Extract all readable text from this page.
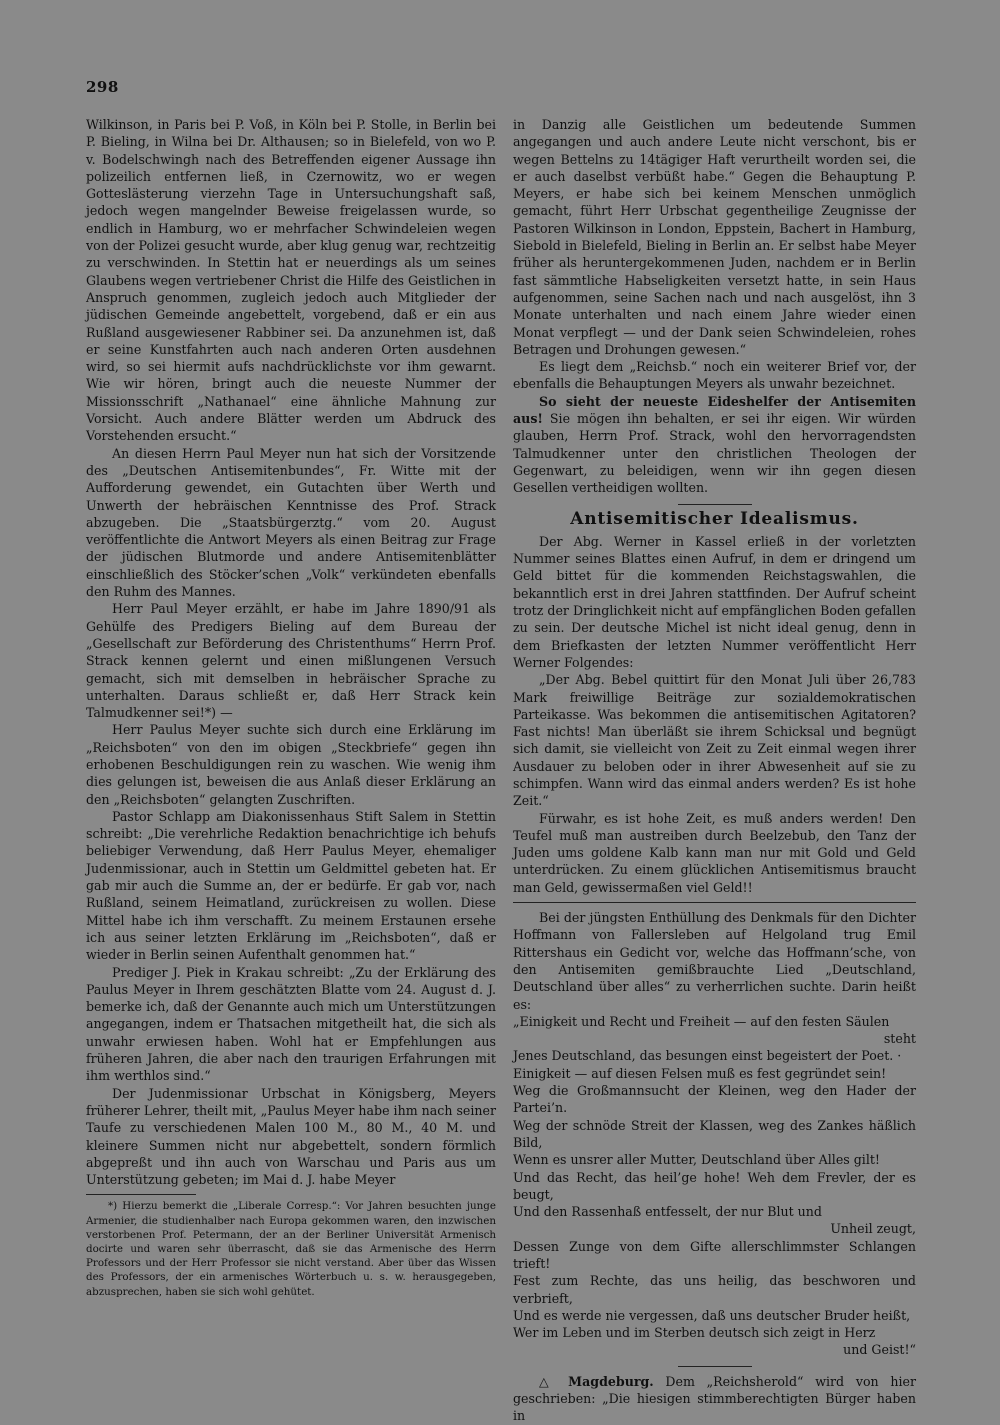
298

Wilkinson, in Paris bei P. Voß, in Köln bei P. Stolle, in Berlin bei P. Bieling, in Wilna bei Dr. Althausen; so in Bielefeld, von wo P. v. Bodelschwingh nach des Betreffenden eigener Aussage ihn polizeilich entfernen ließ, in Czernowitz, wo er wegen Gotteslästerung vierzehn Tage in Untersuchungshaft saß, jedoch wegen mangelnder Beweise freigelassen wurde, so endlich in Hamburg, wo er mehrfacher Schwindeleien wegen von der Polizei gesucht wurde, aber klug genug war, rechtzeitig zu verschwinden. In Stettin hat er neuerdings als um seines Glaubens wegen vertriebener Christ die Hilfe des Geistlichen in Anspruch genommen, zugleich jedoch auch Mitglieder der jüdischen Gemeinde angebettelt, vorgebend, daß er ein aus Rußland ausgewiesener Rabbiner sei. Da anzunehmen ist, daß er seine Kunstfahrten auch nach anderen Orten ausdehnen wird, so sei hiermit aufs nachdrücklichste vor ihm gewarnt. Wie wir hören, bringt auch die neueste Nummer der Missionsschrift „Nathanael“ eine ähnliche Mahnung zur Vorsicht. Auch andere Blätter werden um Abdruck des Vorstehenden ersucht.“

An diesen Herrn Paul Meyer nun hat sich der Vorsitzende des „Deutschen Antisemitenbundes“, Fr. Witte mit der Aufforderung gewendet, ein Gutachten über Werth und Unwerth der hebräischen Kenntnisse des Prof. Strack abzugeben. Die „Staatsbürgerztg.“ vom 20. August veröffentlichte die Antwort Meyers als einen Beitrag zur Frage der jüdischen Blutmorde und andere Antisemitenblätter einschließlich des Stöcker’schen „Volk“ verkündeten ebenfalls den Ruhm des Mannes.

Herr Paul Meyer erzählt, er habe im Jahre 1890/91 als Gehülfe des Predigers Bieling auf dem Bureau der „Gesellschaft zur Beförderung des Christenthums“ Herrn Prof. Strack kennen gelernt und einen mißlungenen Versuch gemacht, sich mit demselben in hebräischer Sprache zu unterhalten. Daraus schließt er, daß Herr Strack kein Talmudkenner sei!*) —

Herr Paulus Meyer suchte sich durch eine Erklärung im „Reichsboten“ von den im obigen „Steckbriefe“ gegen ihn erhobenen Beschuldigungen rein zu waschen. Wie wenig ihm dies gelungen ist, beweisen die aus Anlaß dieser Erklärung an den „Reichsboten“ gelangten Zuschriften.

Pastor Schlapp am Diakonissenhaus Stift Salem in Stettin schreibt: „Die verehrliche Redaktion benachrichtige ich behufs beliebiger Verwendung, daß Herr Paulus Meyer, ehemaliger Judenmissionar, auch in Stettin um Geldmittel gebeten hat. Er gab mir auch die Summe an, der er bedürfe. Er gab vor, nach Rußland, seinem Heimatland, zurückreisen zu wollen. Diese Mittel habe ich ihm verschafft. Zu meinem Erstaunen ersehe ich aus seiner letzten Erklärung im „Reichsboten“, daß er wieder in Berlin seinen Aufenthalt genommen hat.“

Prediger J. Piek in Krakau schreibt: „Zu der Erklärung des Paulus Meyer in Ihrem geschätzten Blatte vom 24. August d. J. bemerke ich, daß der Genannte auch mich um Unterstützungen angegangen, indem er Thatsachen mitgetheilt hat, die sich als unwahr erwiesen haben. Wohl hat er Empfehlungen aus früheren Jahren, die aber nach den traurigen Erfahrungen mit ihm werthlos sind.“

Der Judenmissionar Urbschat in Königsberg, Meyers früherer Lehrer, theilt mit, „Paulus Meyer habe ihm nach seiner Taufe zu verschiedenen Malen 100 M., 80 M., 40 M. und kleinere Summen nicht nur abgebettelt, sondern förmlich abgepreßt und ihn auch von Warschau und Paris aus um Unterstützung gebeten; im Mai d. J. habe Meyer

*) Hierzu bemerkt die „Liberale Corresp.“: Vor Jahren besuchten junge Armenier, die studienhalber nach Europa gekommen waren, den inzwischen verstorbenen Prof. Petermann, der an der Berliner Universität Armenisch docirte und waren sehr überrascht, daß sie das Armenische des Herrn Professors und der Herr Professor sie nicht verstand. Aber über das Wissen des Professors, der ein armenisches Wörterbuch u. s. w. herausgegeben, abzusprechen, haben sie sich wohl gehütet.

in Danzig alle Geistlichen um bedeutende Summen angegangen und auch andere Leute nicht verschont, bis er wegen Bettelns zu 14tägiger Haft verurtheilt worden sei, die er auch daselbst verbüßt habe.“ Gegen die Behauptung P. Meyers, er habe sich bei keinem Menschen unmöglich gemacht, führt Herr Urbschat gegentheilige Zeugnisse der Pastoren Wilkinson in London, Eppstein, Bachert in Hamburg, Siebold in Bielefeld, Bieling in Berlin an. Er selbst habe Meyer früher als heruntergekommenen Juden, nachdem er in Berlin fast sämmtliche Habseligkeiten versetzt hatte, in sein Haus aufgenommen, seine Sachen nach und nach ausgelöst, ihn 3 Monate unterhalten und nach einem Jahre wieder einen Monat verpflegt — und der Dank seien Schwindeleien, rohes Betragen und Drohungen gewesen.“

Es liegt dem „Reichsb.“ noch ein weiterer Brief vor, der ebenfalls die Behauptungen Meyers als unwahr bezeichnet.

So sieht der neueste Eideshelfer der Antisemiten aus! Sie mögen ihn behalten, er sei ihr eigen. Wir würden glauben, Herrn Prof. Strack, wohl den hervorragendsten Talmudkenner unter den christlichen Theologen der Gegenwart, zu beleidigen, wenn wir ihn gegen diesen Gesellen vertheidigen wollten.

Antisemitischer Idealismus.

Der Abg. Werner in Kassel erließ in der vorletzten Nummer seines Blattes einen Aufruf, in dem er dringend um Geld bittet für die kommenden Reichstagswahlen, die bekanntlich erst in drei Jahren stattfinden. Der Aufruf scheint trotz der Dringlichkeit nicht auf empfänglichen Boden gefallen zu sein. Der deutsche Michel ist nicht ideal genug, denn in dem Briefkasten der letzten Nummer veröffentlicht Herr Werner Folgendes:

„Der Abg. Bebel quittirt für den Monat Juli über 26,783 Mark freiwillige Beiträge zur sozialdemokratischen Parteikasse. Was bekommen die antisemitischen Agitatoren? Fast nichts! Man überläßt sie ihrem Schicksal und begnügt sich damit, sie vielleicht von Zeit zu Zeit einmal wegen ihrer Ausdauer zu beloben oder in ihrer Abwesenheit auf sie zu schimpfen. Wann wird das einmal anders werden? Es ist hohe Zeit.“

Fürwahr, es ist hohe Zeit, es muß anders werden! Den Teufel muß man austreiben durch Beelzebub, den Tanz der Juden ums goldene Kalb kann man nur mit Gold und Geld unterdrücken. Zu einem glücklichen Antisemitismus braucht man Geld, gewissermaßen viel Geld!!

Bei der jüngsten Enthüllung des Denkmals für den Dichter Hoffmann von Fallersleben auf Helgoland trug Emil Rittershaus ein Gedicht vor, welche das Hoffmann’sche, von den Antisemiten gemißbrauchte Lied „Deutschland, Deutschland über alles“ zu verherrlichen suchte. Darin heißt es:

„Einigkeit und Recht und Freiheit — auf den festen Säulen
steht
Jenes Deutschland, das besungen einst begeistert der Poet. ·
Einigkeit — auf diesen Felsen muß es fest gegründet sein!
Weg die Großmannsucht der Kleinen, weg den Hader der Partei’n.
Weg der schnöde Streit der Klassen, weg des Zankes häßlich Bild,
Wenn es unsrer aller Mutter, Deutschland über Alles gilt!
Und das Recht, das heil’ge hohe! Weh dem Frevler, der es beugt,
Und den Rassenhaß entfesselt, der nur Blut und
Unheil zeugt,
Dessen Zunge von dem Gifte allerschlimmster Schlangen trieft!
Fest zum Rechte, das uns heilig, das beschworen und verbrieft,
Und es werde nie vergessen, daß uns deutscher Bruder heißt,
Wer im Leben und im Sterben deutsch sich zeigt in Herz
und Geist!“

△ Magdeburg. Dem „Reichsherold“ wird von hier geschrieben: „Die hiesigen stimmberechtigten Bürger haben in
